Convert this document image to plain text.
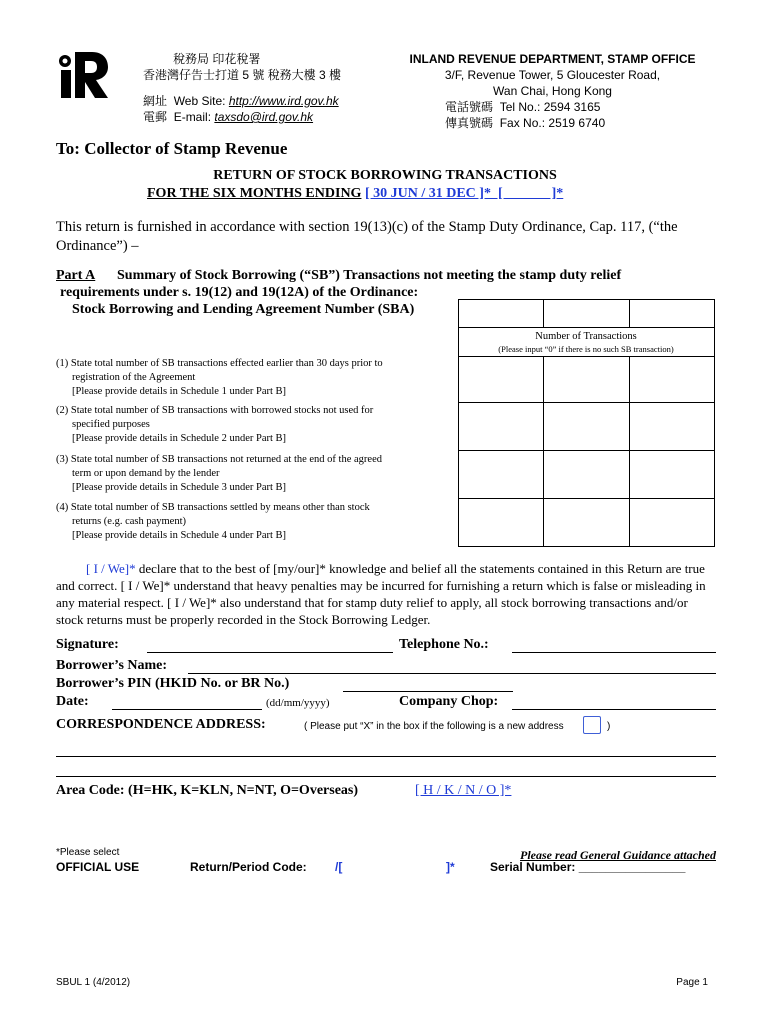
稅務局 印花稅署
香港灣仔告士打道 5 號 稅務大樓 3 樓
網址 Web Site: http://www.ird.gov.hk
電郵 E-mail: taxsdo@ird.gov.hk
INLAND REVENUE DEPARTMENT, STAMP OFFICE
3/F, Revenue Tower, 5 Gloucester Road,
Wan Chai, Hong Kong
電話號碼 Tel No.: 2594 3165
傳真號碼 Fax No.: 2519 6740
To: Collector of Stamp Revenue
RETURN OF STOCK BORROWING TRANSACTIONS
FOR THE SIX MONTHS ENDING [ 30 JUN / 31 DEC ]*  [              ]*
This return is furnished in accordance with section 19(13)(c) of the Stamp Duty Ordinance, Cap. 117, (“the Ordinance”) –
Part A Summary of Stock Borrowing (“SB”) Transactions not meeting the stamp duty relief
requirements under s. 19(12) and 19(12A) of the Ordinance:
Stock Borrowing and Lending Agreement Number (SBA)

Number of Transactions
(Please input “0” if there is no such SB transaction)
(1) State total number of SB transactions effected earlier than 30 days prior to
registration of the Agreement
[Please provide details in Schedule 1 under Part B]
(2) State total number of SB transactions with borrowed stocks not used for
specified purposes
[Please provide details in Schedule 2 under Part B]
(3) State total number of SB transactions not returned at the end of the agreed
term or upon demand by the lender
[Please provide details in Schedule 3 under Part B]
(4) State total number of SB transactions settled by means other than stock
returns (e.g. cash payment)
[Please provide details in Schedule 4 under Part B]
[ I / We]* declare that to the best of [my/our]* knowledge and belief all the statements contained in this Return are true and correct. [ I / We]* understand that heavy penalties may be incurred for furnishing a return which is false or misleading in any material respect. [ I / We]* also understand that for stamp duty relief to apply, all stock borrowing transactions and/or stock returns must be properly recorded in the Stock Borrowing Ledger.
Signature:	Telephone No.:
Borrower’s Name:
Borrower’s PIN (HKID No. or BR No.)
Date:	(dd/mm/yyyy)	Company Chop:
CORRESPONDENCE ADDRESS:	( Please put “X” in the box if the following is a new address	)
Area Code: (H=HK, K=KLN, N=NT, O=Overseas)	[ H / K / N / O ]*
*Please select
OFFICIAL USE	Return/Period Code: /[	]*
Please read General Guidance attached
Serial Number: ________________
SBUL 1 (4/2012)	Page 1
